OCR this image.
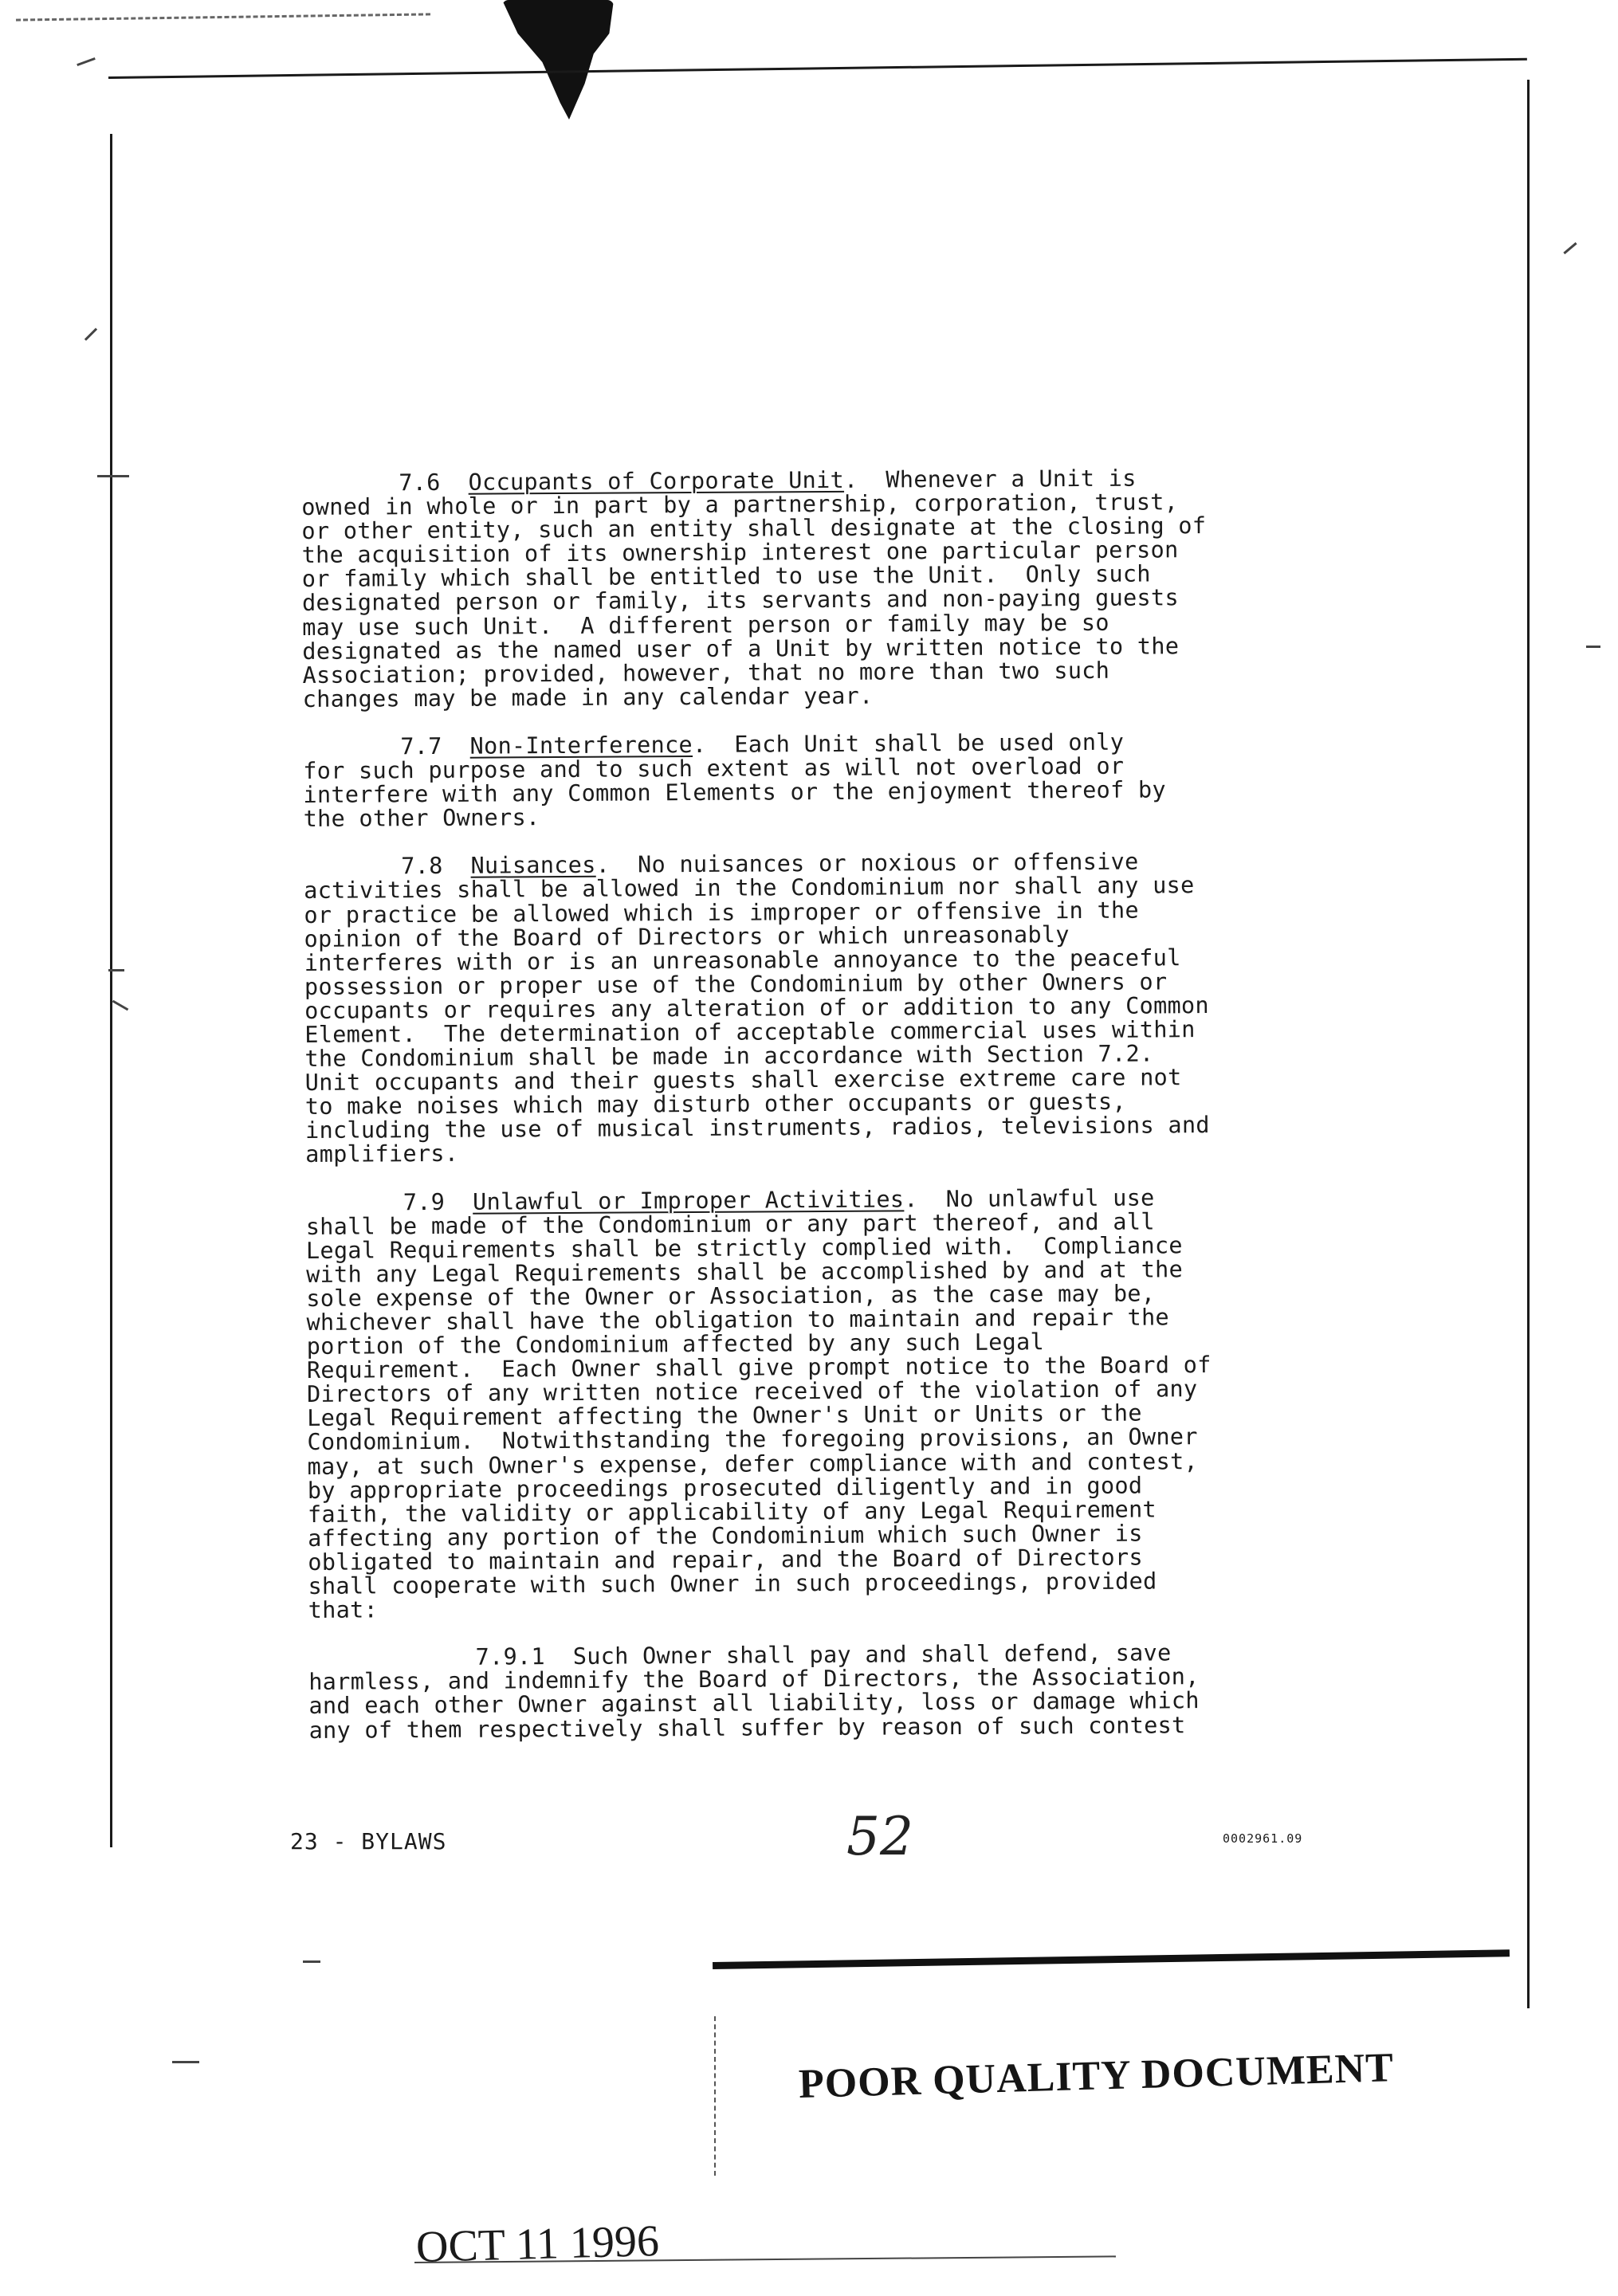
7.6  Occupants of Corporate Unit.  Whenever a Unit is
owned in whole or in part by a partnership, corporation, trust,
or other entity, such an entity shall designate at the closing of
the acquisition of its ownership interest one particular person
or family which shall be entitled to use the Unit.  Only such
designated person or family, its servants and non-paying guests
may use such Unit.  A different person or family may be so
designated as the named user of a Unit by written notice to the
Association; provided, however, that no more than two such
changes may be made in any calendar year.

7.7  Non-Interference.  Each Unit shall be used only
for such purpose and to such extent as will not overload or
interfere with any Common Elements or the enjoyment thereof by
the other Owners.

7.8  Nuisances.  No nuisances or noxious or offensive
activities shall be allowed in the Condominium nor shall any use
or practice be allowed which is improper or offensive in the
opinion of the Board of Directors or which unreasonably
interferes with or is an unreasonable annoyance to the peaceful
possession or proper use of the Condominium by other Owners or
occupants or requires any alteration of or addition to any Common
Element.  The determination of acceptable commercial uses within
the Condominium shall be made in accordance with Section 7.2.
Unit occupants and their guests shall exercise extreme care not
to make noises which may disturb other occupants or guests,
including the use of musical instruments, radios, televisions and
amplifiers.

7.9  Unlawful or Improper Activities.  No unlawful use
shall be made of the Condominium or any part thereof, and all
Legal Requirements shall be strictly complied with.  Compliance
with any Legal Requirements shall be accomplished by and at the
sole expense of the Owner or Association, as the case may be,
whichever shall have the obligation to maintain and repair the
portion of the Condominium affected by any such Legal
Requirement.  Each Owner shall give prompt notice to the Board of
Directors of any written notice received of the violation of any
Legal Requirement affecting the Owner's Unit or Units or the
Condominium.  Notwithstanding the foregoing provisions, an Owner
may, at such Owner's expense, defer compliance with and contest,
by appropriate proceedings prosecuted diligently and in good
faith, the validity or applicability of any Legal Requirement
affecting any portion of the Condominium which such Owner is
obligated to maintain and repair, and the Board of Directors
shall cooperate with such Owner in such proceedings, provided
that:

7.9.1  Such Owner shall pay and shall defend, save
harmless, and indemnify the Board of Directors, the Association,
and each other Owner against all liability, loss or damage which
any of them respectively shall suffer by reason of such contest

23 - BYLAWS	52	0002961.09
POOR QUALITY DOCUMENT
OCT 11 1996
